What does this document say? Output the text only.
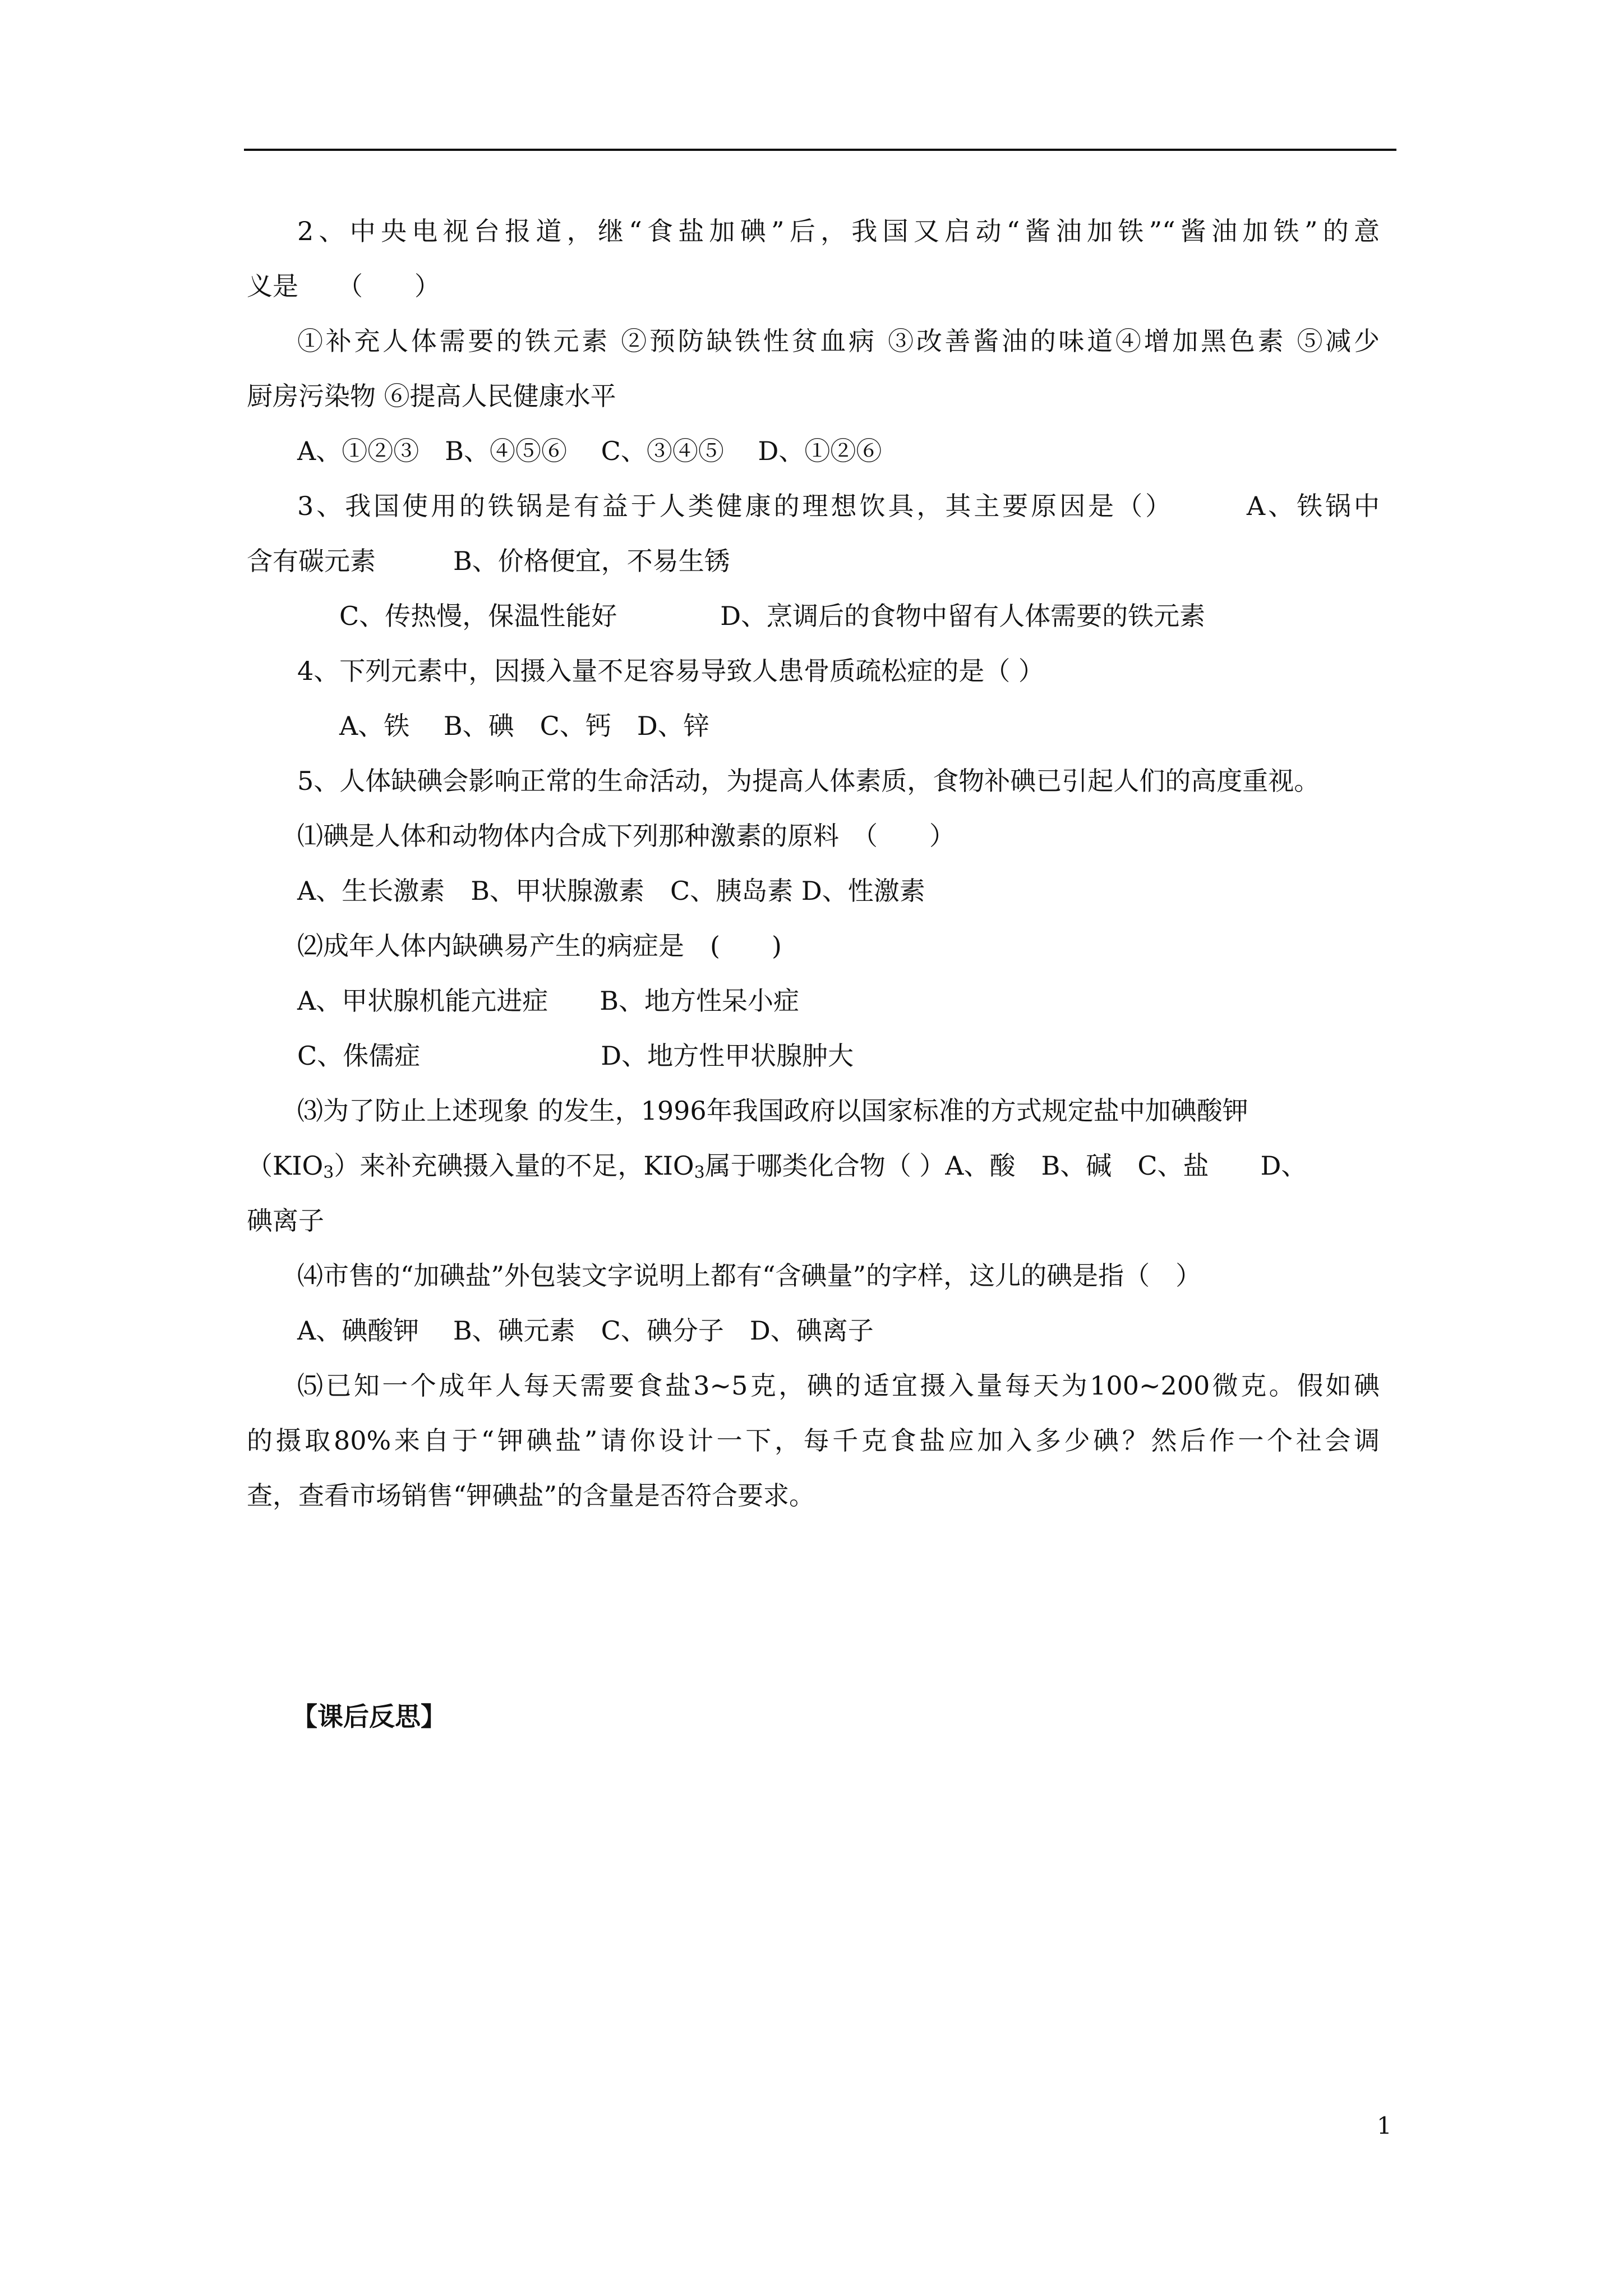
2、中央电视台报道，继“食盐加碘”后，我国又启动“酱油加铁”“酱油加铁”的意
义是　　（　　）
①补充人体需要的铁元素 ②预防缺铁性贫血病 ③改善酱油的味道④增加黑色素 ⑤减少
厨房污染物 ⑥提高人民健康水平
A、①②③　B、④⑤⑥　 C、③④⑤　 D、①②⑥
3、我国使用的铁锅是有益于人类健康的理想饮具，其主要原因是（）　　　A、铁锅中
含有碳元素　　　B、价格便宜，不易生锈
C、传热慢，保温性能好　　　　D、烹调后的食物中留有人体需要的铁元素
4、下列元素中，因摄入量不足容易导致人患骨质疏松症的是（ ）
A、铁　 B、碘　C、钙　D、锌
5、人体缺碘会影响正常的生命活动，为提高人体素质，食物补碘已引起人们的高度重视。
⑴碘是人体和动物体内合成下列那种激素的原料　（　　）
A、生长激素　B、甲状腺激素　C、胰岛素 D、性激素
⑵成年人体内缺碘易产生的病症是　(　　)
A、甲状腺机能亢进症　　B、地方性呆小症
C、侏儒症　　　　　　　D、地方性甲状腺肿大
⑶为了防止上述现象 的发生，1996年我国政府以国家标准的方式规定盐中加碘酸钾
$(KIO_3)$来补充碘摄入量的不足，$KIO_3$属于哪类化合物（ ）A、酸　B、碱　C、盐　　D、
碘离子
⑷市售的“加碘盐”外包装文字说明上都有“含碘量”的字样，这儿的碘是指（　）
A、碘酸钾　 B、碘元素　C、碘分子　D、碘离子
⑸已知一个成年人每天需要食盐3~5克，碘的适宜摄入量每天为100~200微克。假如碘
的摄取80%来自于“钾碘盐”请你设计一下，每千克食盐应加入多少碘？然后作一个社会调
查，查看市场销售“钾碘盐”的含量是否符合要求。
【课后反思】
1
